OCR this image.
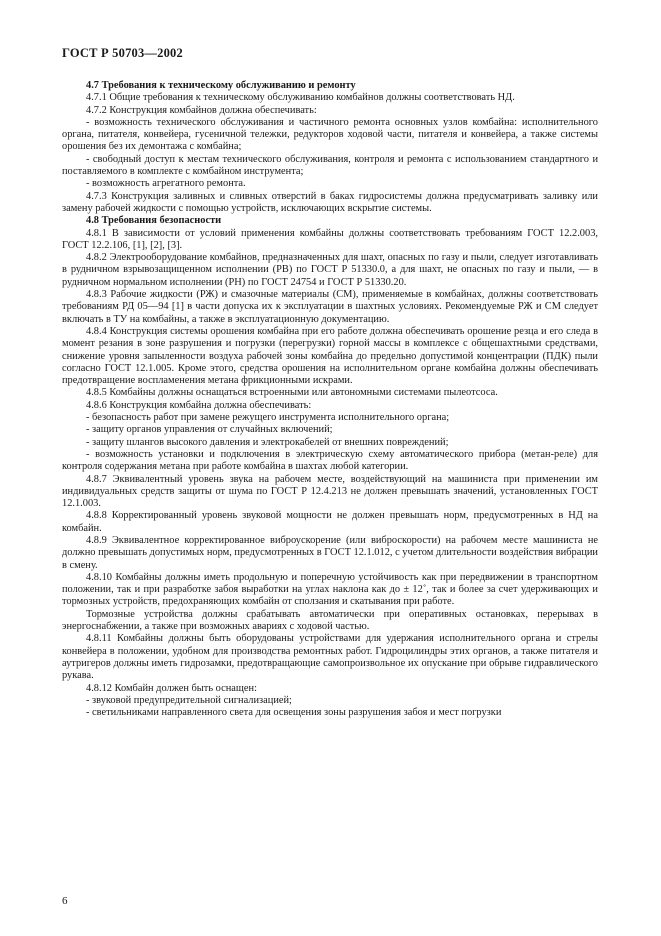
ГОСТ Р 50703—2002

4.7 Требования к техническому обслуживанию и ремонту

4.7.1 Общие требования к техническому обслуживанию комбайнов должны соответствовать НД.

4.7.2 Конструкция комбайнов должна обеспечивать:

- возможность технического обслуживания и частичного ремонта основных узлов комбайна: исполнительного органа, питателя, конвейера, гусеничной тележки, редукторов ходовой части, питателя и конвейера, а также системы орошения без их демонтажа с комбайна;

- свободный доступ к местам технического обслуживания, контроля и ремонта с использованием стандартного и поставляемого в комплекте с комбайном инструмента;

- возможность агрегатного ремонта.

4.7.3 Конструкция заливных и сливных отверстий в баках гидросистемы должна предусматривать заливку или замену рабочей жидкости с помощью устройств, исключающих вскрытие системы.

4.8 Требования безопасности

4.8.1 В зависимости от условий применения комбайны должны соответствовать требованиям ГОСТ 12.2.003, ГОСТ 12.2.106, [1], [2], [3].

4.8.2 Электрооборудование комбайнов, предназначенных для шахт, опасных по газу и пыли, следует изготавливать в рудничном взрывозащищенном исполнении (РВ) по ГОСТ Р 51330.0, а для шахт, не опасных по газу и пыли, — в рудничном нормальном исполнении (РН) по ГОСТ 24754 и ГОСТ Р 51330.20.

4.8.3 Рабочие жидкости (РЖ) и смазочные материалы (СМ), применяемые в комбайнах, должны соответствовать требованиям РД 05—94 [1] в части допуска их к эксплуатации в шахтных условиях. Рекомендуемые РЖ и СМ следует включать в ТУ на комбайны, а также в эксплуатационную документацию.

4.8.4 Конструкция системы орошения комбайна при его работе должна обеспечивать орошение резца и его следа в момент резания в зоне разрушения и погрузки (перегрузки) горной массы в комплексе с общешахтными средствами, снижение уровня запыленности воздуха рабочей зоны комбайна до предельно допустимой концентрации (ПДК) пыли согласно ГОСТ 12.1.005. Кроме этого, средства орошения на исполнительном органе комбайна должны обеспечивать предотвращение воспламенения метана фрикционными искрами.

4.8.5 Комбайны должны оснащаться встроенными или автономными системами пылеотсоса.

4.8.6 Конструкция комбайна должна обеспечивать:

- безопасность работ при замене режущего инструмента исполнительного органа;

- защиту органов управления от случайных включений;

- защиту шлангов высокого давления и электрокабелей от внешних повреждений;

- возможность установки и подключения в электрическую схему автоматического прибора (метан-реле) для контроля содержания метана при работе комбайна в шахтах любой категории.

4.8.7 Эквивалентный уровень звука на рабочем месте, воздействующий на машиниста при применении им индивидуальных средств защиты от шума по ГОСТ Р 12.4.213 не должен превышать значений, установленных ГОСТ 12.1.003.

4.8.8 Корректированный уровень звуковой мощности не должен превышать норм, предусмотренных в НД на комбайн.

4.8.9 Эквивалентное корректированное виброускорение (или виброскорости) на рабочем месте машиниста не должно превышать допустимых норм, предусмотренных в ГОСТ 12.1.012, с учетом длительности воздействия вибрации в смену.

4.8.10 Комбайны должны иметь продольную и поперечную устойчивость как при передвижении в транспортном положении, так и при разработке забоя выработки на углах наклона как до ± 12˚, так и более за счет удерживающих и тормозных устройств, предохраняющих комбайн от сползания и скатывания при работе.

Тормозные устройства должны срабатывать автоматически при оперативных остановках, перерывах в энергоснабжении, а также при возможных авариях с ходовой частью.

4.8.11 Комбайны должны быть оборудованы устройствами для удержания исполнительного органа и стрелы конвейера в положении, удобном для производства ремонтных работ. Гидроцилиндры этих органов, а также питателя и аутригеров должны иметь гидрозамки, предотвращающие самопроизвольное их опускание при обрыве гидравлического рукава.

4.8.12 Комбайн должен быть оснащен:

- звуковой предупредительной сигнализацией;

- светильниками направленного света для освещения зоны разрушения забоя и мест погрузки

6
